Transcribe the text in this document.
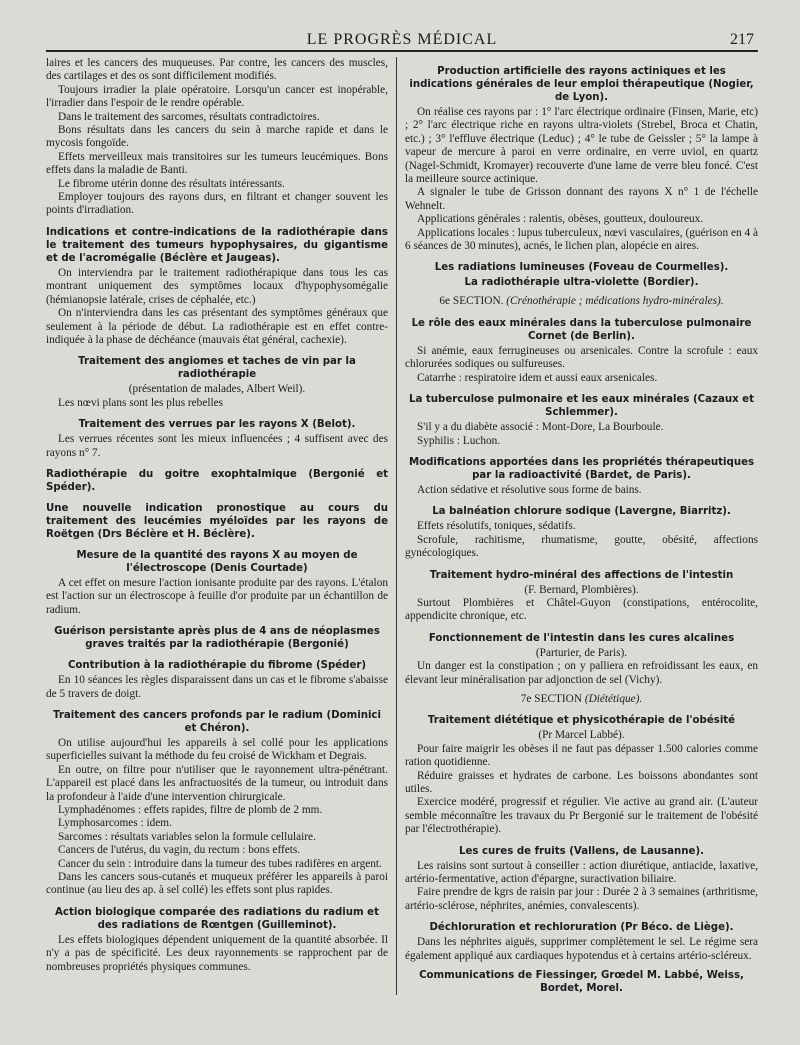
LE PROGRÈS MÉDICAL	217

laires et les cancers des muqueuses. Par contre, les cancers des muscles, des cartilages et des os sont difficilement modifiés.

Toujours irradier la plaie opératoire. Lorsqu'un cancer est inopérable, l'irradier dans l'espoir de le rendre opérable.

Dans le traitement des sarcomes, résultats contradictoires.

Bons résultats dans les cancers du sein à marche rapide et dans le mycosis fongoïde.

Effets merveilleux mais transitoires sur les tumeurs leucémiques. Bons effets dans la maladie de Banti.

Le fibrome utérin donne des résultats intéressants.

Employer toujours des rayons durs, en filtrant et changer souvent les points d'irradiation.

Indications et contre-indications de la radiothérapie dans le traitement des tumeurs hypophysaires, du gigantisme et de l'acromégalie (Béclère et Jaugeas).

On interviendra par le traitement radiothérapique dans tous les cas montrant uniquement des symptômes locaux d'hypophysomégalie (hémianopsie latérale, crises de céphalée, etc.)

On n'interviendra dans les cas présentant des symptômes généraux que seulement à la période de début. La radiothérapie est en effet contre-indiquée à la phase de déchéance (mauvais état général, cachexie).

Traitement des angiomes et taches de vin par la radiothérapie

(présentation de malades, Albert Weil).

Les nœvi plans sont les plus rebelles

Traitement des verrues par les rayons X (Belot).

Les verrues récentes sont les mieux influencées ; 4 suffisent avec des rayons n° 7.

Radiothérapie du goitre exophtalmique (Bergonié et Spéder).
Une nouvelle indication pronostique au cours du traitement des leucémies myéloïdes par les rayons de Roëtgen (Drs Béclère et H. Béclère).
Mesure de la quantité des rayons X au moyen de l'électroscope (Denis Courtade)

A cet effet on mesure l'action ionisante produite par des rayons. L'étalon est l'action sur un électroscope à feuille d'or produite par un échantillon de radium.

Guérison persistante après plus de 4 ans de néoplasmes graves traités par la radiothérapie (Bergonié)
Contribution à la radiothérapie du fibrome (Spéder)

En 10 séances les règles disparaissent dans un cas et le fibrome s'abaisse de 5 travers de doigt.

Traitement des cancers profonds par le radium (Dominici et Chéron).

On utilise aujourd'hui les appareils à sel collé pour les applications superficielles suivant la méthode du feu croisé de Wickham et Degrais.

En outre, on filtre pour n'utiliser que le rayonnement ultra-pénétrant. L'appareil est placé dans les anfractuosités de la tumeur, ou introduit dans la profondeur à l'aide d'une intervention chirurgicale.

Lymphadénomes : effets rapides, filtre de plomb de 2 mm.

Lymphosarcomes : idem.

Sarcomes : résultats variables selon la formule cellulaire.

Cancers de l'utérus, du vagin, du rectum : bons effets.

Cancer du sein : introduire dans la tumeur des tubes radifères en argent.

Dans les cancers sous-cutanés et muqueux préférer les appareils à paroi continue (au lieu des ap. à sel collé) les effets sont plus rapides.

Action biologique comparée des radiations du radium et des radiations de Rœntgen (Guilleminot).

Les effets biologiques dépendent uniquement de la quantité absorbée. Il n'y a pas de spécificité. Les deux rayonnements se rapprochent par de nombreuses propriétés physiques communes.

Production artificielle des rayons actiniques et les indications générales de leur emploi thérapeutique (Nogier, de Lyon).

On réalise ces rayons par : 1° l'arc électrique ordinaire (Finsen, Marie, etc) ; 2° l'arc électrique riche en rayons ultra-violets (Strebel, Broca et Chatin, etc.) ; 3° l'effluve électrique (Leduc) ; 4° le tube de Geissler ; 5° la lampe à vapeur de mercure à paroi en verre ordinaire, en verre uviol, en quartz (Nagel-Schmidt, Kromayer) recouverte d'une lame de verre bleu foncé. C'est la meilleure source actinique.

A signaler le tube de Grisson donnant des rayons X n° 1 de l'échelle Wehnelt.

Applications générales : ralentis, obèses, goutteux, douloureux.

Applications locales : lupus tuberculeux, nœvi vasculaires, (guérison en 4 à 6 séances de 30 minutes), acnés, le lichen plan, alopécie en aires.

Les radiations lumineuses (Foveau de Courmelles).
La radiothérapie ultra-violette (Bordier).
6e SECTION. (Crénothérapie ; médications hydro-minérales).
Le rôle des eaux minérales dans la tuberculose pulmonaire Cornet (de Berlin).

Si anémie, eaux ferrugineuses ou arsenicales. Contre la scrofule : eaux chlorurées sodiques ou sulfureuses.

Catarrhe : respiratoire idem et aussi eaux arsenicales.

La tuberculose pulmonaire et les eaux minérales (Cazaux et Schlemmer).

S'il y a du diabète associé : Mont-Dore, La Bourboule.

Syphilis : Luchon.

Modifications apportées dans les propriétés thérapeutiques par la radioactivité (Bardet, de Paris).

Action sédative et résolutive sous forme de bains.

La balnéation chlorure sodique (Lavergne, Biarritz).

Effets résolutifs, toniques, sédatifs.

Scrofule, rachitisme, rhumatisme, goutte, obésité, affections gynécologiques.

Traitement hydro-minéral des affections de l'intestin

(F. Bernard, Plombières).

Surtout Plombières et Châtel-Guyon (constipations, entérocolite, appendicite chronique, etc.

Fonctionnement de l'intestin dans les cures alcalines

(Parturier, de Paris).

Un danger est la constipation ; on y palliera en refroidissant les eaux, en élevant leur minéralisation par adjonction de sel (Vichy).

7e SECTION (Diététique).
Traitement diététique et physicothérapie de l'obésité

(Pr Marcel Labbé).

Pour faire maigrir les obèses il ne faut pas dépasser 1.500 calories comme ration quotidienne.

Réduire graisses et hydrates de carbone. Les boissons abondantes sont utiles.

Exercice modéré, progressif et régulier. Vie active au grand air. (L'auteur semble méconnaître les travaux du Pr Bergonié sur le traitement de l'obésité par l'électrothérapie).

Les cures de fruits (Vallens, de Lausanne).

Les raisins sont surtout à conseiller : action diurétique, antiacide, laxative, artério-fermentative, action d'épargne, suractivation biliaire.

Faire prendre de kgrs de raisin par jour : Durée 2 à 3 semaines (arthritisme, artério-sclérose, néphrites, anémies, convalescents).

Déchloruration et rechloruration (Pr Béco. de Liège).

Dans les néphrites aiguës, supprimer complètement le sel. Le régime sera également appliqué aux cardiaques hypotendus et à certains artério-scléreux.

Communications de Fiessinger, Grœdel M. Labbé, Weiss, Bordet, Morel.
